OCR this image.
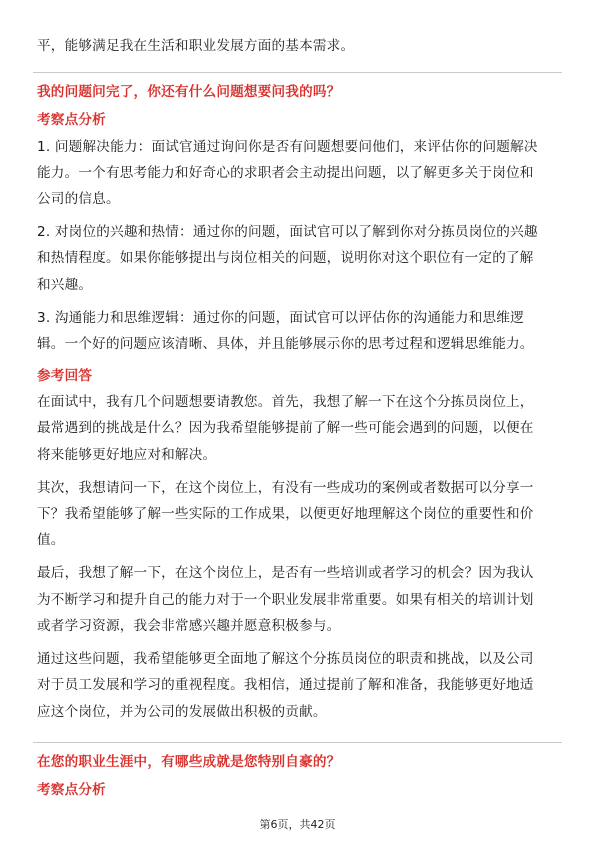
平，能够满足我在生活和职业发展方面的基本需求。
我的问题问完了，你还有什么问题想要问我的吗？
考察点分析
1. 问题解决能力：面试官通过询问你是否有问题想要问他们，来评估你的问题解决
能力。一个有思考能力和好奇心的求职者会主动提出问题，以了解更多关于岗位和
公司的信息。
2. 对岗位的兴趣和热情：通过你的问题，面试官可以了解到你对分拣员岗位的兴趣
和热情程度。如果你能够提出与岗位相关的问题，说明你对这个职位有一定的了解
和兴趣。
3. 沟通能力和思维逻辑：通过你的问题，面试官可以评估你的沟通能力和思维逻
辑。一个好的问题应该清晰、具体，并且能够展示你的思考过程和逻辑思维能力。
参考回答
在面试中，我有几个问题想要请教您。首先，我想了解一下在这个分拣员岗位上，
最常遇到的挑战是什么？因为我希望能够提前了解一些可能会遇到的问题，以便在
将来能够更好地应对和解决。
其次，我想请问一下，在这个岗位上，有没有一些成功的案例或者数据可以分享一
下？我希望能够了解一些实际的工作成果，以便更好地理解这个岗位的重要性和价
值。
最后，我想了解一下，在这个岗位上，是否有一些培训或者学习的机会？因为我认
为不断学习和提升自己的能力对于一个职业发展非常重要。如果有相关的培训计划
或者学习资源，我会非常感兴趣并愿意积极参与。
通过这些问题，我希望能够更全面地了解这个分拣员岗位的职责和挑战，以及公司
对于员工发展和学习的重视程度。我相信，通过提前了解和准备，我能够更好地适
应这个岗位，并为公司的发展做出积极的贡献。
在您的职业生涯中，有哪些成就是您特别自豪的？
考察点分析
第6页，共42页
